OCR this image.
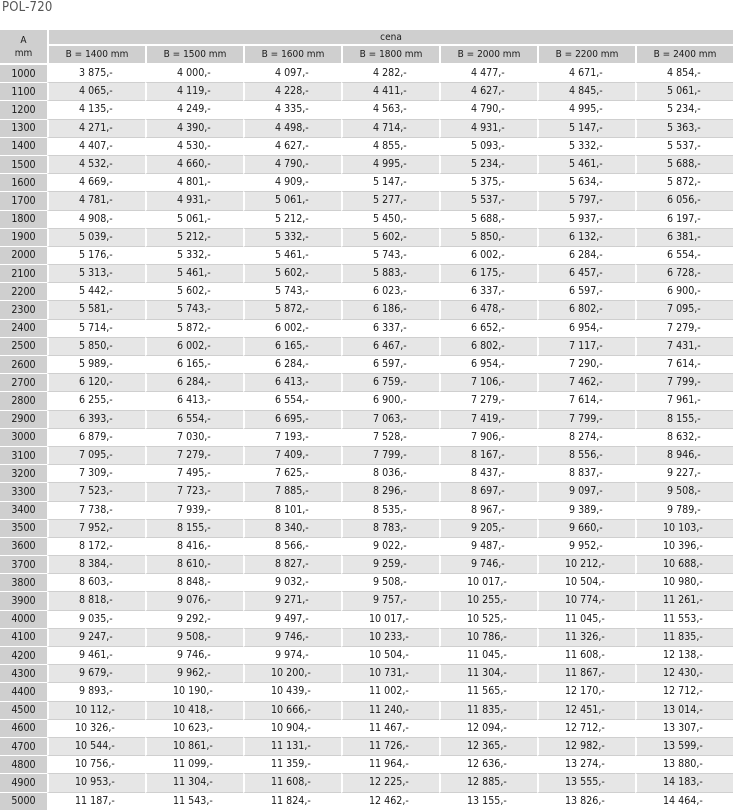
POL-720
A
mm	cena						
	B = 1400 mm	B = 1500 mm	B = 1600 mm	B = 1800 mm	B = 2000 mm	B = 2200 mm	B = 2400 mm
1000	3 875,-	4 000,-	4 097,-	4 282,-	4 477,-	4 671,-	4 854,-

1100	4 065,-	4 119,-	4 228,-	4 411,-	4 627,-	4 845,-	5 061,-

1200	4 135,-	4 249,-	4 335,-	4 563,-	4 790,-	4 995,-	5 234,-

1300	4 271,-	4 390,-	4 498,-	4 714,-	4 931,-	5 147,-	5 363,-

1400	4 407,-	4 530,-	4 627,-	4 855,-	5 093,-	5 332,-	5 537,-

1500	4 532,-	4 660,-	4 790,-	4 995,-	5 234,-	5 461,-	5 688,-

1600	4 669,-	4 801,-	4 909,-	5 147,-	5 375,-	5 634,-	5 872,-

1700	4 781,-	4 931,-	5 061,-	5 277,-	5 537,-	5 797,-	6 056,-

1800	4 908,-	5 061,-	5 212,-	5 450,-	5 688,-	5 937,-	6 197,-

1900	5 039,-	5 212,-	5 332,-	5 602,-	5 850,-	6 132,-	6 381,-

2000	5 176,-	5 332,-	5 461,-	5 743,-	6 002,-	6 284,-	6 554,-

2100	5 313,-	5 461,-	5 602,-	5 883,-	6 175,-	6 457,-	6 728,-

2200	5 442,-	5 602,-	5 743,-	6 023,-	6 337,-	6 597,-	6 900,-

2300	5 581,-	5 743,-	5 872,-	6 186,-	6 478,-	6 802,-	7 095,-

2400	5 714,-	5 872,-	6 002,-	6 337,-	6 652,-	6 954,-	7 279,-

2500	5 850,-	6 002,-	6 165,-	6 467,-	6 802,-	7 117,-	7 431,-

2600	5 989,-	6 165,-	6 284,-	6 597,-	6 954,-	7 290,-	7 614,-

2700	6 120,-	6 284,-	6 413,-	6 759,-	7 106,-	7 462,-	7 799,-

2800	6 255,-	6 413,-	6 554,-	6 900,-	7 279,-	7 614,-	7 961,-

2900	6 393,-	6 554,-	6 695,-	7 063,-	7 419,-	7 799,-	8 155,-

3000	6 879,-	7 030,-	7 193,-	7 528,-	7 906,-	8 274,-	8 632,-

3100	7 095,-	7 279,-	7 409,-	7 799,-	8 167,-	8 556,-	8 946,-

3200	7 309,-	7 495,-	7 625,-	8 036,-	8 437,-	8 837,-	9 227,-

3300	7 523,-	7 723,-	7 885,-	8 296,-	8 697,-	9 097,-	9 508,-

3400	7 738,-	7 939,-	8 101,-	8 535,-	8 967,-	9 389,-	9 789,-

3500	7 952,-	8 155,-	8 340,-	8 783,-	9 205,-	9 660,-	10 103,-

3600	8 172,-	8 416,-	8 566,-	9 022,-	9 487,-	9 952,-	10 396,-

3700	8 384,-	8 610,-	8 827,-	9 259,-	9 746,-	10 212,-	10 688,-

3800	8 603,-	8 848,-	9 032,-	9 508,-	10 017,-	10 504,-	10 980,-

3900	8 818,-	9 076,-	9 271,-	9 757,-	10 255,-	10 774,-	11 261,-

4000	9 035,-	9 292,-	9 497,-	10 017,-	10 525,-	11 045,-	11 553,-

4100	9 247,-	9 508,-	9 746,-	10 233,-	10 786,-	11 326,-	11 835,-

4200	9 461,-	9 746,-	9 974,-	10 504,-	11 045,-	11 608,-	12 138,-

4300	9 679,-	9 962,-	10 200,-	10 731,-	11 304,-	11 867,-	12 430,-

4400	9 893,-	10 190,-	10 439,-	11 002,-	11 565,-	12 170,-	12 712,-

4500	10 112,-	10 418,-	10 666,-	11 240,-	11 835,-	12 451,-	13 014,-

4600	10 326,-	10 623,-	10 904,-	11 467,-	12 094,-	12 712,-	13 307,-

4700	10 544,-	10 861,-	11 131,-	11 726,-	12 365,-	12 982,-	13 599,-

4800	10 756,-	11 099,-	11 359,-	11 964,-	12 636,-	13 274,-	13 880,-

4900	10 953,-	11 304,-	11 608,-	12 225,-	12 885,-	13 555,-	14 183,-

5000	11 187,-	11 543,-	11 824,-	12 462,-	13 155,-	13 826,-	14 464,-
